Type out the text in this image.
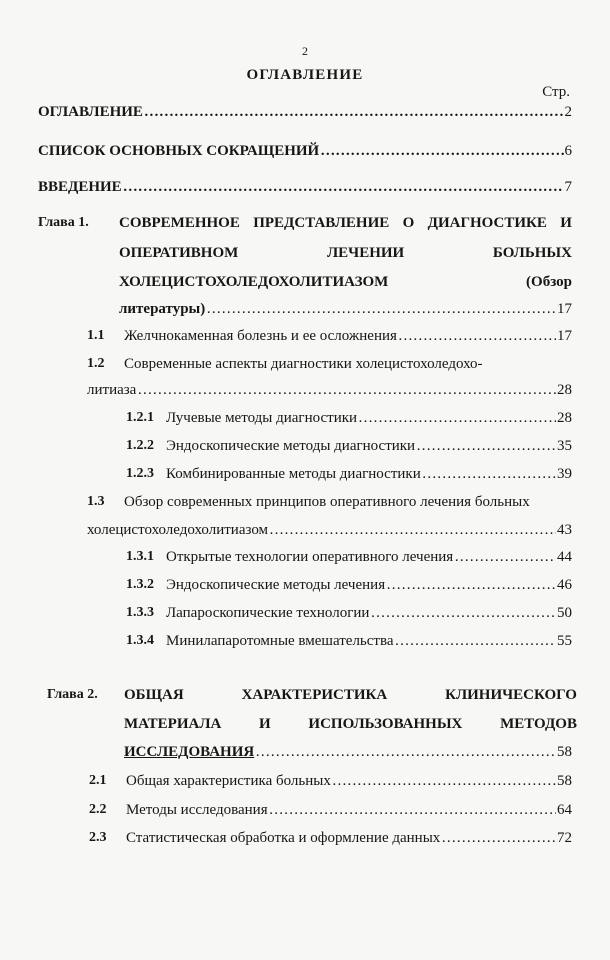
2
ОГЛАВЛЕНИЕ
Стр.
ОГЛАВЛЕНИЕ ………………………………………………………………………………………………………………………………………………………………………………………………	2
СПИСОК ОСНОВНЫХ СОКРАЩЕНИЙ ………………………………………………………………………………………………………………………………………………………………………………………………	6
ВВЕДЕНИЕ ………………………………………………………………………………………………………………………………………………………………………………………………	7
Глава 1. СОВРЕМЕННОЕ ПРЕДСТАВЛЕНИЕ О ДИАГНОСТИКЕ И
ОПЕРАТИВНОМ	ЛЕЧЕНИИ	БОЛЬНЫХ
ХОЛЕЦИСТОХОЛЕДОХОЛИТИАЗОМ	(Обзор
литературы) ………………………………………………………………………………………………………………………………………………………………………………………………	17
1.1 Желчнокаменная болезнь и ее осложнения ………………………………………………………………………………………………………………………………………………………………………………………………	17
1.2 Современные аспекты диагностики холецистохоледохо-
литиаза ………………………………………………………………………………………………………………………………………………………………………………………………	28
1.2.1 Лучевые методы диагностики ………………………………………………………………………………………………………………………………………………………………………………………………	28
1.2.2 Эндоскопические методы диагностики ………………………………………………………………………………………………………………………………………………………………………………………………	35
1.2.3 Комбинированные методы диагностики ………………………………………………………………………………………………………………………………………………………………………………………………	39
1.3 Обзор современных принципов оперативного лечения больных
холецистохоледохолитиазом ………………………………………………………………………………………………………………………………………………………………………………………………	43
1.3.1 Открытые технологии оперативного лечения ………………………………………………………………………………………………………………………………………………………………………………………………	44
1.3.2 Эндоскопические методы лечения ………………………………………………………………………………………………………………………………………………………………………………………………	46
1.3.3 Лапароскопические технологии ………………………………………………………………………………………………………………………………………………………………………………………………	50
1.3.4 Минилапаротомные вмешательства ………………………………………………………………………………………………………………………………………………………………………………………………	55
Глава 2. ОБЩАЯ	ХАРАКТЕРИСТИКА	КЛИНИЧЕСКОГО
МАТЕРИАЛА	И	ИСПОЛЬЗОВАННЫХ	МЕТОДОВ
ИССЛЕДОВАНИЯ ………………………………………………………………………………………………………………………………………………………………………………………………	58
2.1 Общая характеристика больных ………………………………………………………………………………………………………………………………………………………………………………………………	58
2.2 Методы исследования ………………………………………………………………………………………………………………………………………………………………………………………………	64
2.3 Статистическая обработка и оформление данных ………………………………………………………………………………………………………………………………………………………………………………………………	72
